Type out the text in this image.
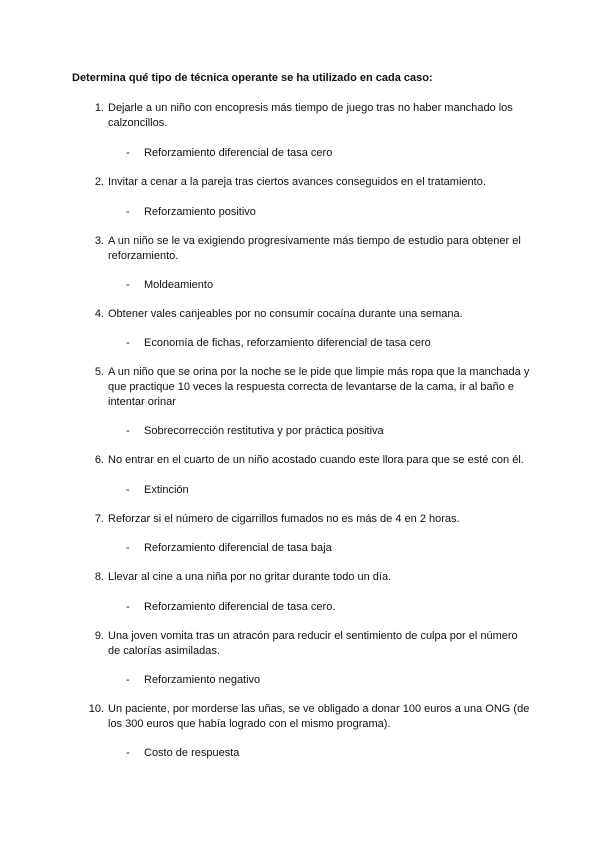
Determina qué tipo de técnica operante se ha utilizado en cada caso:
1. Dejarle a un niño con encopresis más tiempo de juego tras no haber manchado los calzoncillos.
- Reforzamiento diferencial de tasa cero
2. Invitar a cenar a la pareja tras ciertos avances conseguidos en el tratamiento.
- Reforzamiento positivo
3. A un niño se le va exigiendo progresivamente más tiempo de estudio para obtener el reforzamiento.
- Moldeamiento
4. Obtener vales canjeables por no consumir cocaína durante una semana.
- Economía de fichas, reforzamiento diferencial de tasa cero
5. A un niño que se orina por la noche se le pide que limpie más ropa que la manchada y que practique 10 veces la respuesta correcta de levantarse de la cama, ir al baño e intentar orinar
- Sobrecorrección restitutiva y por práctica positiva
6. No entrar en el cuarto de un niño acostado cuando este llora para que se esté con él.
- Extinción
7. Reforzar si el número de cigarrillos fumados no es más de 4 en 2 horas.
- Reforzamiento diferencial de tasa baja
8. Llevar al cine a una niña por no gritar durante todo un día.
- Reforzamiento diferencial de tasa cero.
9. Una joven vomita tras un atracón para reducir el sentimiento de culpa por el número de calorías asimiladas.
- Reforzamiento negativo
10. Un paciente, por morderse las uñas, se ve obligado a donar 100 euros a una ONG (de los 300 euros que había logrado con el mismo programa).
- Costo de respuesta
